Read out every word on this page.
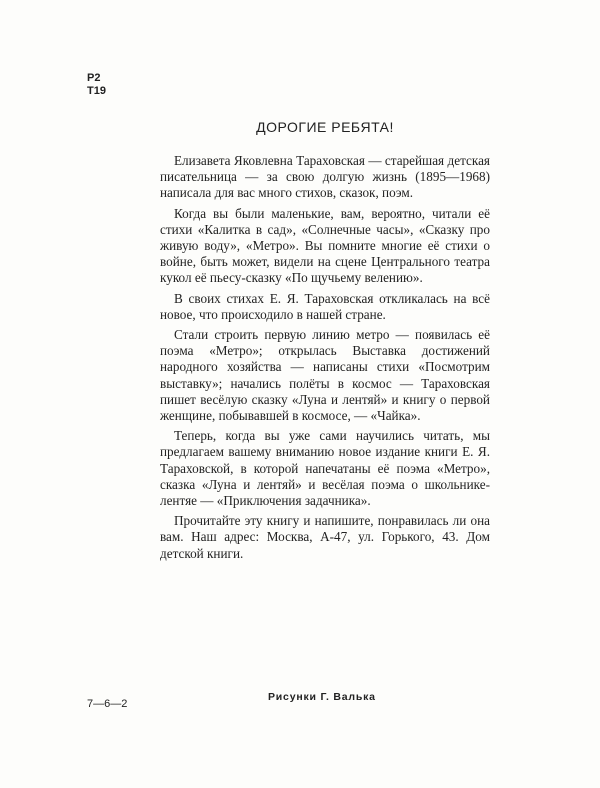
Р2
Т19
ДОРОГИЕ РЕБЯТА!

Елизавета Яковлевна Тараховская — старейшая детская писательница — за свою долгую жизнь (1895—1968) написала для вас много стихов, сказок, поэм.

Когда вы были маленькие, вам, вероятно, читали её стихи «Калитка в сад», «Солнечные часы», «Сказку про живую воду», «Метро». Вы помните многие её стихи о войне, быть может, видели на сцене Центрального театра кукол её пьесу-сказку «По щучьему велению».

В своих стихах Е. Я. Тараховская откликалась на всё новое, что происходило в нашей стране.

Стали строить первую линию метро — появилась её поэма «Метро»; открылась Выставка достижений народного хозяйства — написаны стихи «Посмотрим выставку»; начались полёты в космос — Тараховская пишет весёлую сказку «Луна и лентяй» и книгу о первой женщине, побывавшей в космосе, — «Чайка».

Теперь, когда вы уже сами научились читать, мы предлагаем вашему вниманию новое издание книги Е. Я. Тараховской, в которой напечатаны её поэма «Метро», сказка «Луна и лентяй» и весёлая поэма о школьнике-лентяе — «Приключения задачника».

Прочитайте эту книгу и напишите, понравилась ли она вам. Наш адрес: Москва, А-47, ул. Горького, 43. Дом детской книги.

7—6—2
Рисунки Г. Валька
